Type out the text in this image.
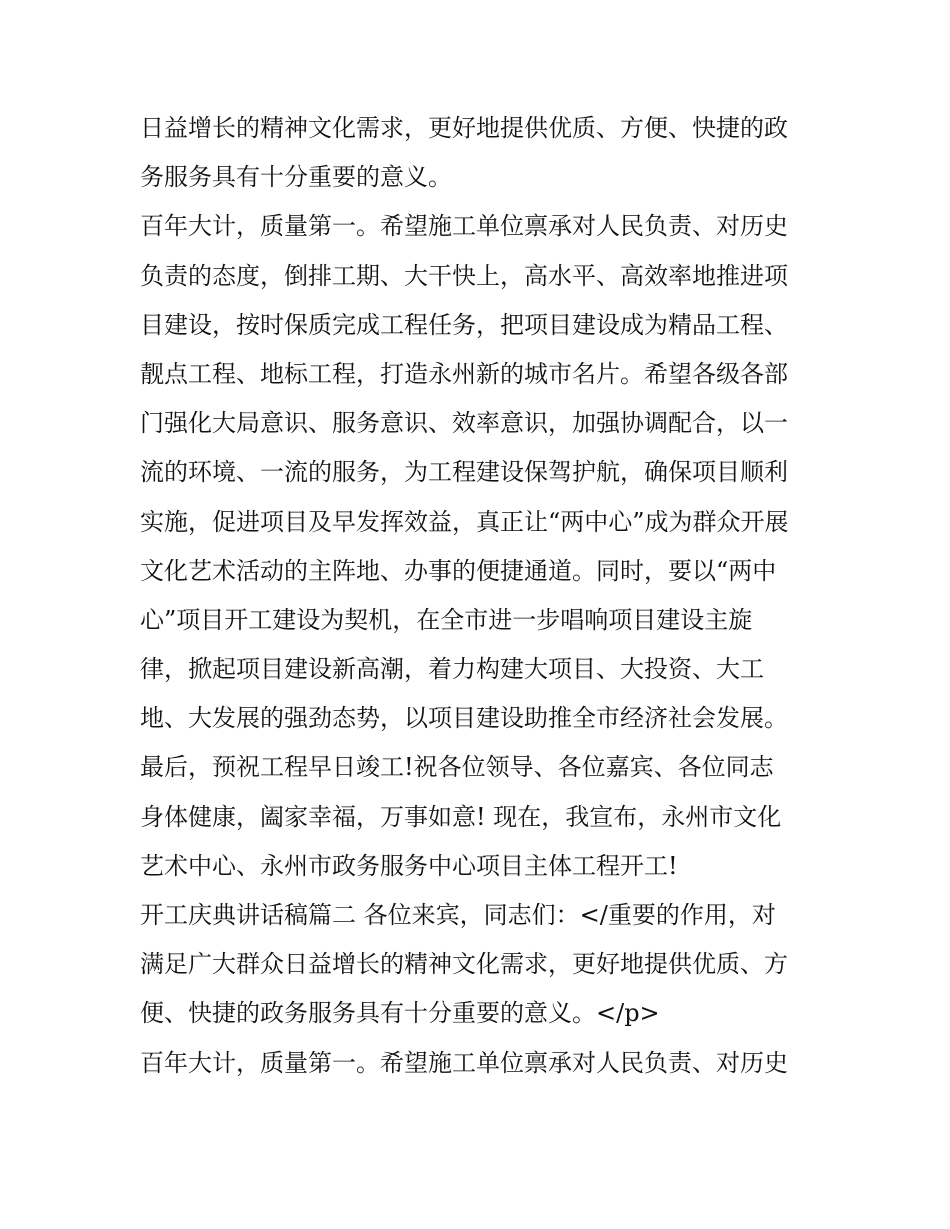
日益增长的精神文化需求，更好地提供优质、方便、快捷的政
务服务具有十分重要的意义。
百年大计，质量第一。希望施工单位禀承对人民负责、对历史
负责的态度，倒排工期、大干快上，高水平、高效率地推进项
目建设，按时保质完成工程任务，把项目建设成为精品工程、
靓点工程、地标工程，打造永州新的城市名片。希望各级各部
门强化大局意识、服务意识、效率意识，加强协调配合，以一
流的环境、一流的服务，为工程建设保驾护航，确保项目顺利
实施，促进项目及早发挥效益，真正让“两中心”成为群众开展
文化艺术活动的主阵地、办事的便捷通道。同时，要以“两中
心”项目开工建设为契机，在全市进一步唱响项目建设主旋
律，掀起项目建设新高潮，着力构建大项目、大投资、大工
地、大发展的强劲态势，以项目建设助推全市经济社会发展。
最后，预祝工程早日竣工!祝各位领导、各位嘉宾、各位同志
身体健康，阖家幸福，万事如意! 现在，我宣布，永州市文化
艺术中心、永州市政务服务中心项目主体工程开工!
开工庆典讲话稿篇二 各位来宾，同志们：</重要的作用，对
满足广大群众日益增长的精神文化需求，更好地提供优质、方
便、快捷的政务服务具有十分重要的意义。</p>
百年大计，质量第一。希望施工单位禀承对人民负责、对历史
